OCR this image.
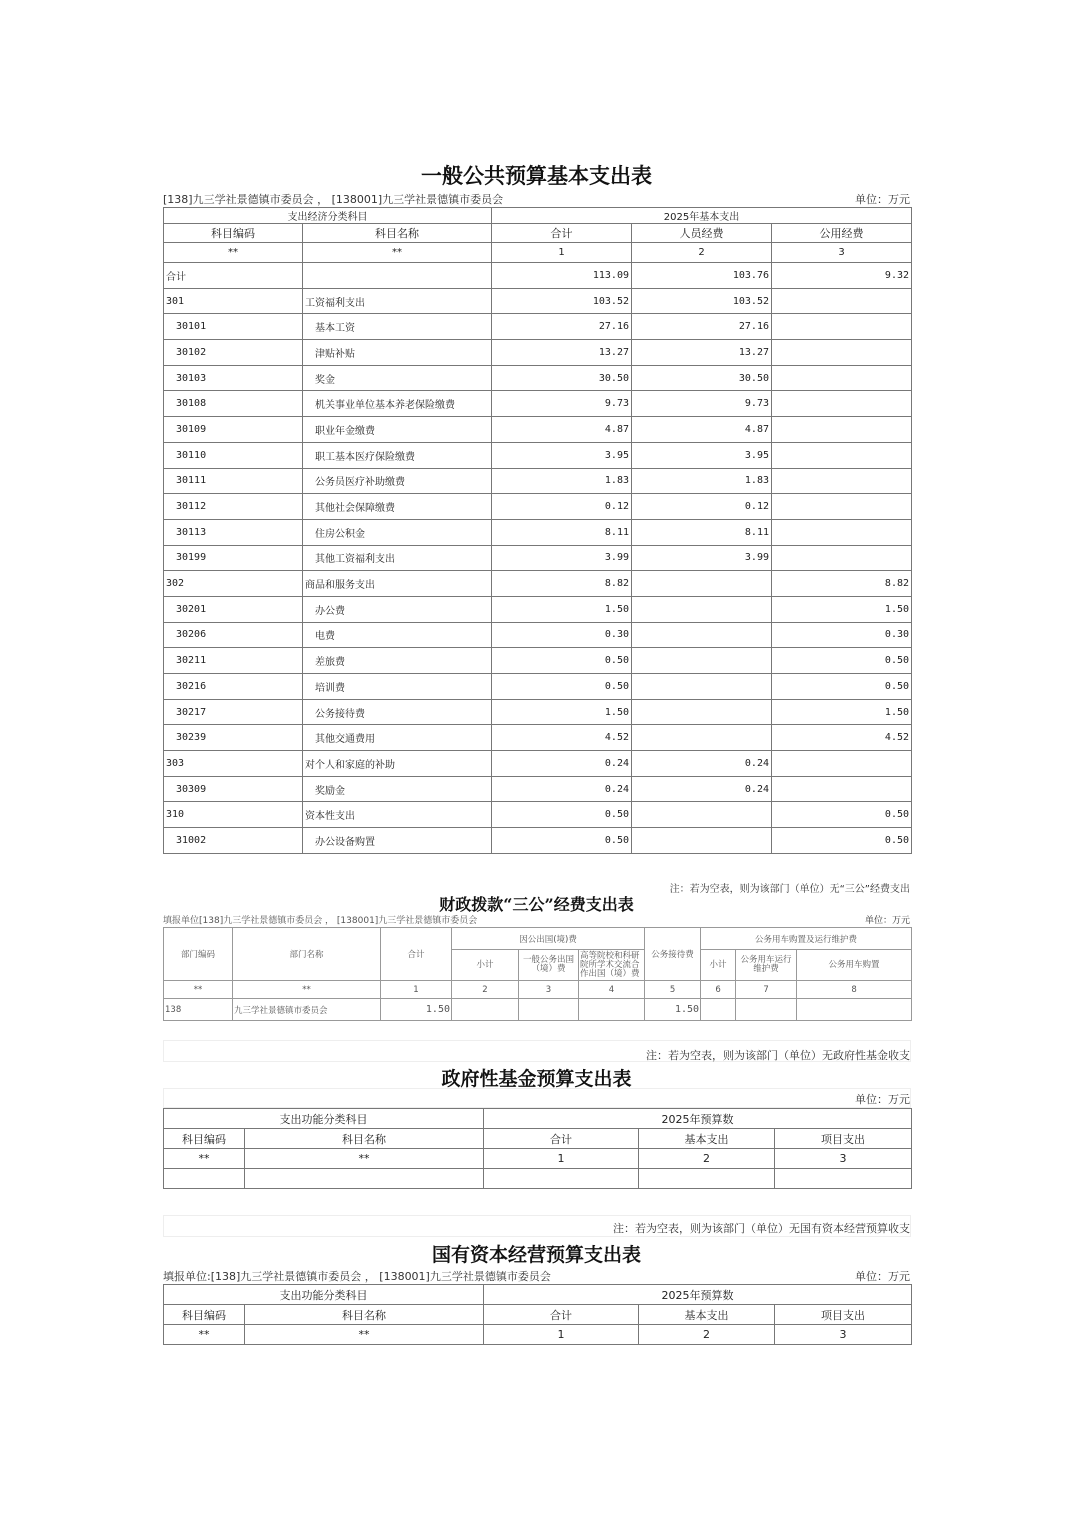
一般公共预算基本支出表
[138]九三学社景德镇市委员会 ， [138001]九三学社景德镇市委员会	单位：万元
支出经济分类科目		2025年基本支出		
科目编码	科目名称	合计	人员经费	公用经费
**	**	1	2	3
合计		113.09	103.76	9.32
301	工资福利支出	103.52	103.52	
30101	基本工资	27.16	27.16	
30102	津贴补贴	13.27	13.27	
30103	奖金	30.50	30.50	
30108	机关事业单位基本养老保险缴费	9.73	9.73	
30109	职业年金缴费	4.87	4.87	
30110	职工基本医疗保险缴费	3.95	3.95	
30111	公务员医疗补助缴费	1.83	1.83	
30112	其他社会保障缴费	0.12	0.12	
30113	住房公积金	8.11	8.11	
30199	其他工资福利支出	3.99	3.99	
302	商品和服务支出	8.82		8.82
30201	办公费	1.50		1.50
30206	电费	0.30		0.30
30211	差旅费	0.50		0.50
30216	培训费	0.50		0.50
30217	公务接待费	1.50		1.50
30239	其他交通费用	4.52		4.52
303	对个人和家庭的补助	0.24	0.24	
30309	奖励金	0.24	0.24	
310	资本性支出	0.50		0.50
31002	办公设备购置	0.50		0.50
注：若为空表，则为该部门（单位）无“三公”经费支出
财政拨款“三公”经费支出表
填报单位[138]九三学社景德镇市委员会 ， [138001]九三学社景德镇市委员会	单位：万元
部门编码	部门名称	合计	因公出国(境)费			公务接待费	公务用车购置及运行维护费		
			小计	一般公务出国（境）费	高等院校和科研院所学术交流合作出国（境）费		小计	公务用车运行维护费	公务用车购置
**	**	1	2	3	4	5	6	7	8
138	九三学社景德镇市委员会	1.50				1.50			
注：若为空表，则为该部门（单位）无政府性基金收支
政府性基金预算支出表
单位：万元
支出功能分类科目		2025年预算数		
科目编码	科目名称	合计	基本支出	项目支出
**	**	1	2	3

注：若为空表，则为该部门（单位）无国有资本经营预算收支
国有资本经营预算支出表
填报单位:[138]九三学社景德镇市委员会 ， [138001]九三学社景德镇市委员会	单位：万元
支出功能分类科目		2025年预算数		
科目编码	科目名称	合计	基本支出	项目支出
**	**	1	2	3
